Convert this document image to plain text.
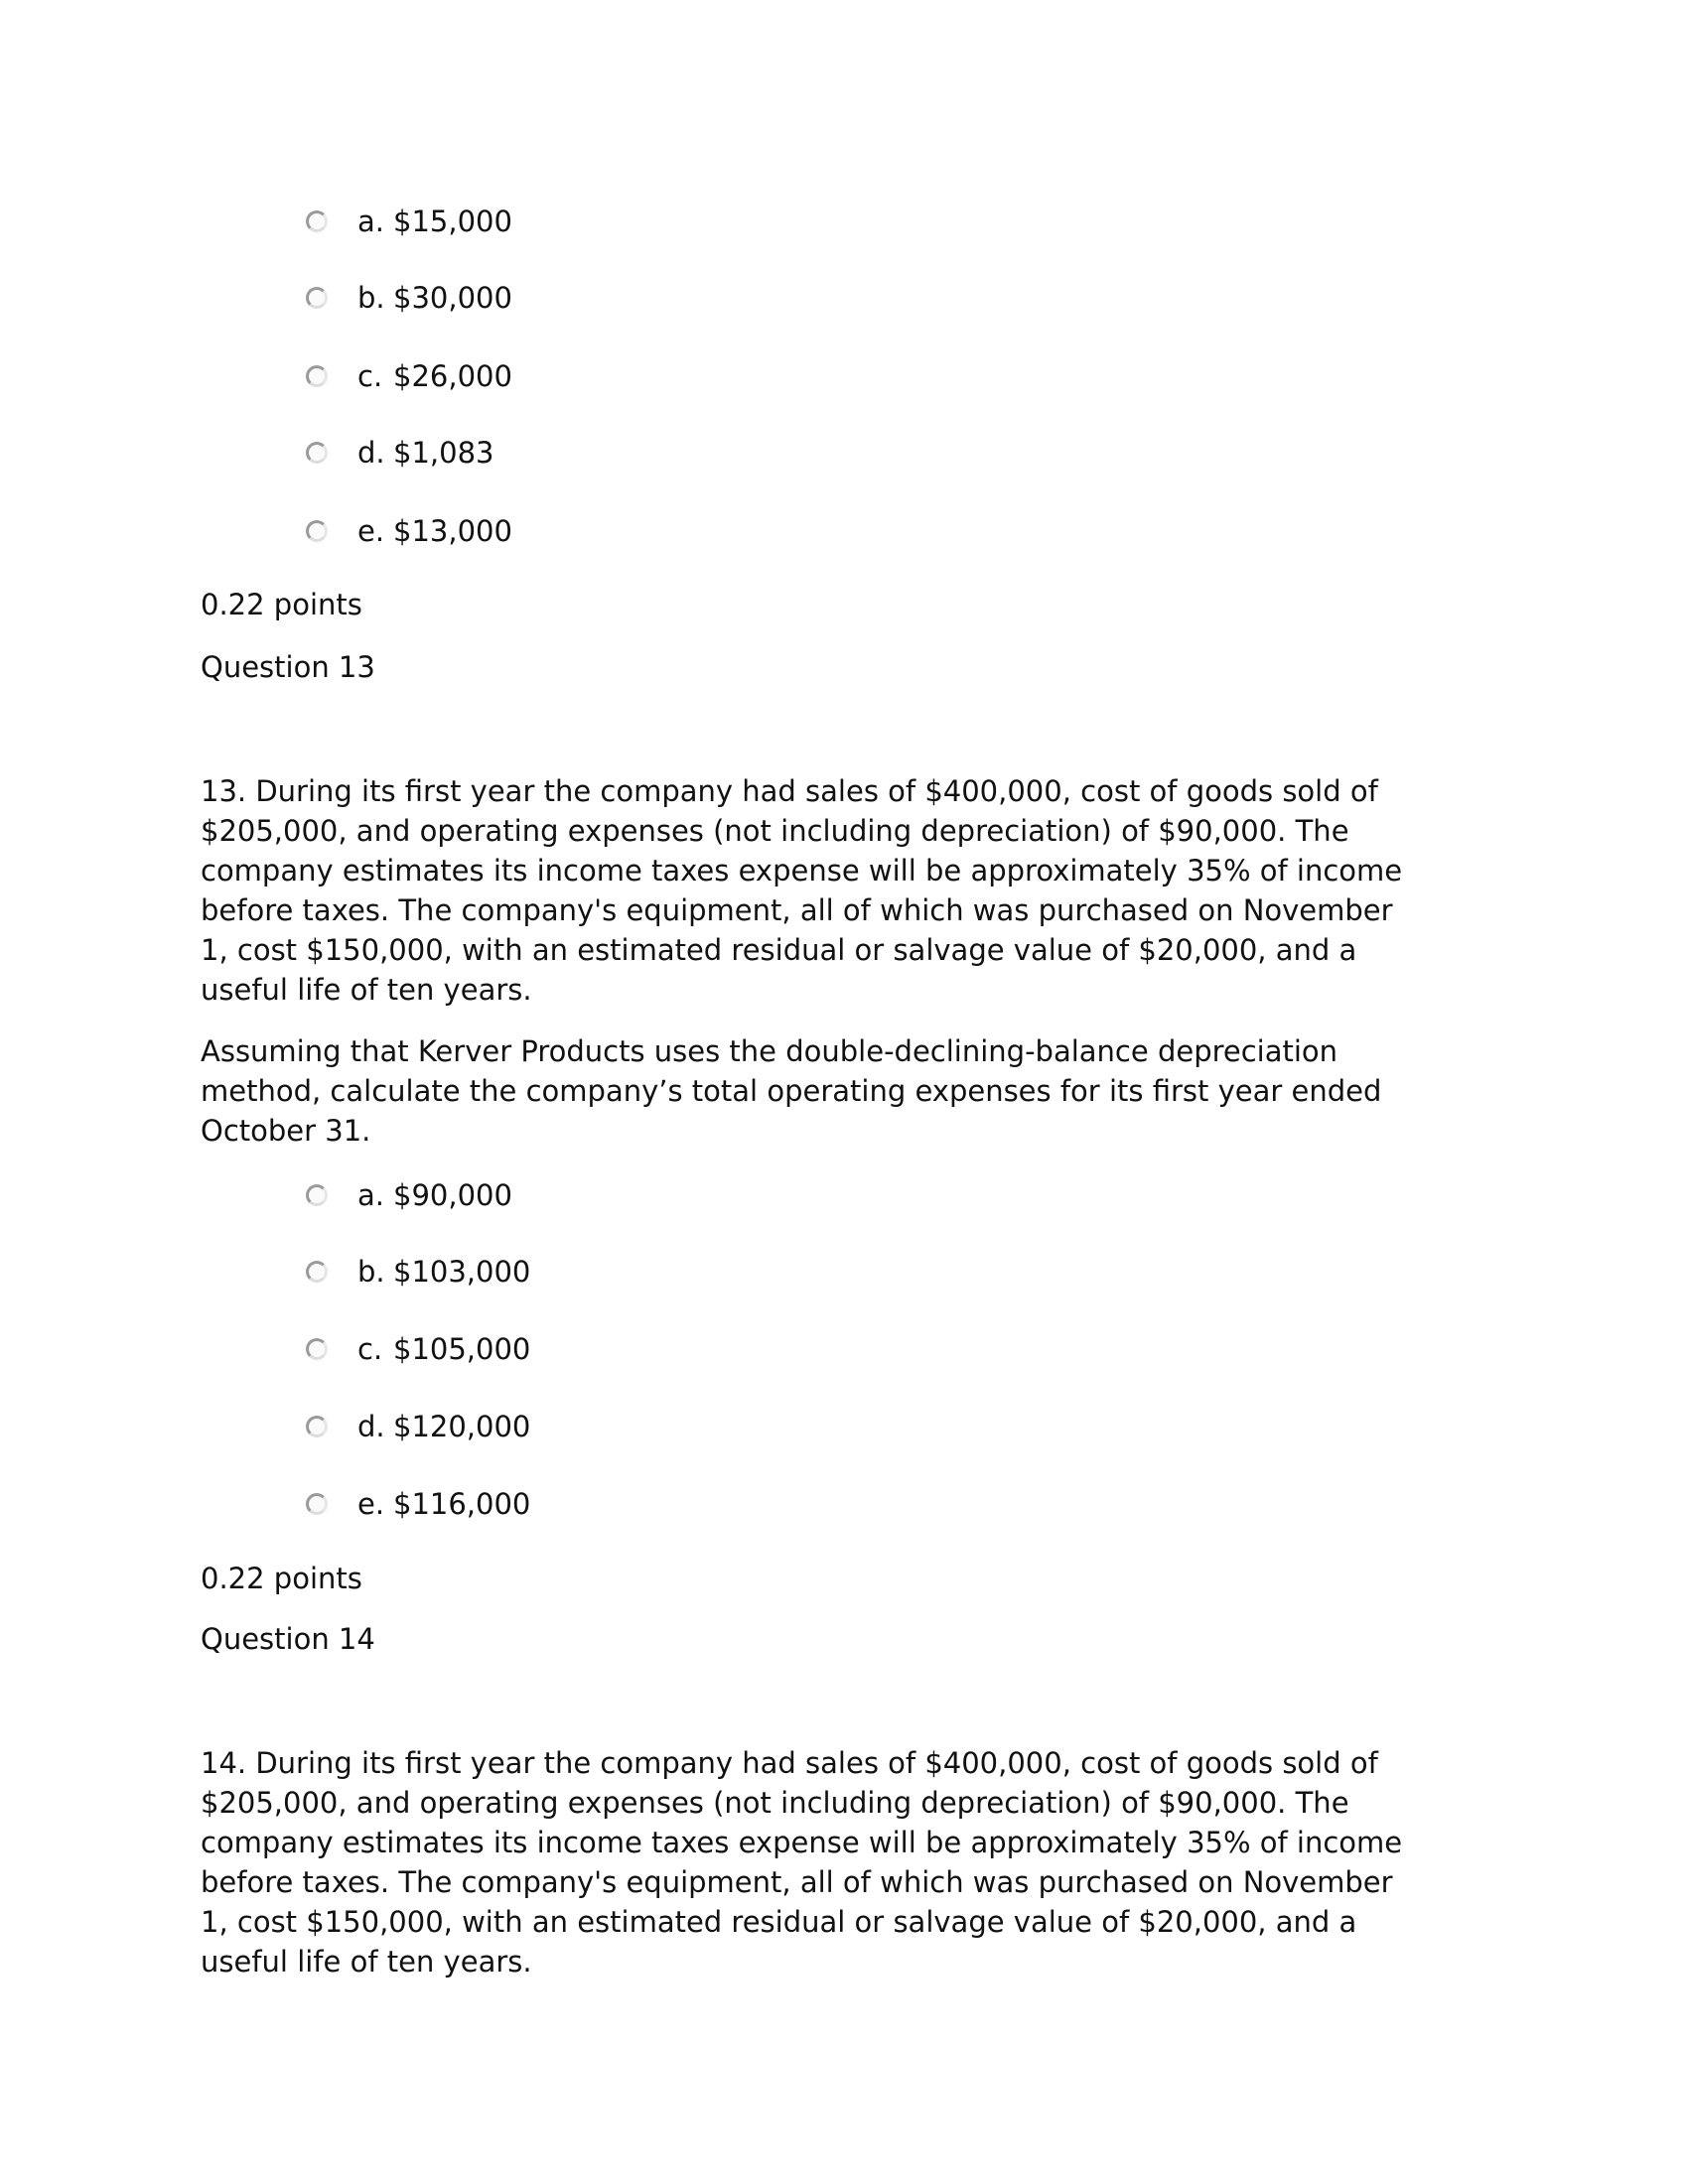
a. $15,000
b. $30,000
c. $26,000
d. $1,083
e. $13,000
0.22 points
Question 13
13. During its first year the company had sales of $400,000, cost of goods sold of
$205,000, and operating expenses (not including depreciation) of $90,000. The
company estimates its income taxes expense will be approximately 35% of income
before taxes. The company's equipment, all of which was purchased on November
1, cost $150,000, with an estimated residual or salvage value of $20,000, and a
useful life of ten years.
Assuming that Kerver Products uses the double-declining-balance depreciation
method, calculate the company’s total operating expenses for its first year ended
October 31.
a. $90,000
b. $103,000
c. $105,000
d. $120,000
e. $116,000
0.22 points
Question 14
14. During its first year the company had sales of $400,000, cost of goods sold of
$205,000, and operating expenses (not including depreciation) of $90,000. The
company estimates its income taxes expense will be approximately 35% of income
before taxes. The company's equipment, all of which was purchased on November
1, cost $150,000, with an estimated residual or salvage value of $20,000, and a
useful life of ten years.
